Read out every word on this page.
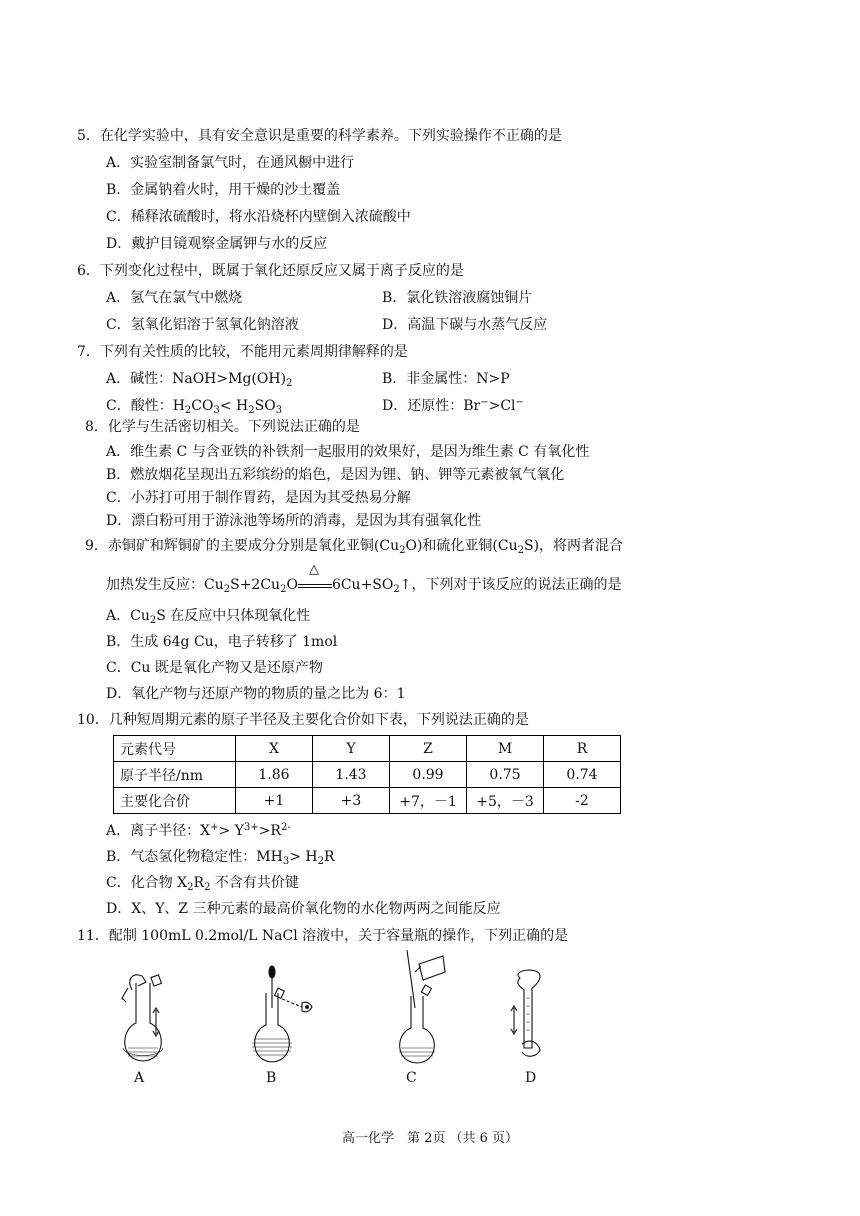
5．在化学实验中，具有安全意识是重要的科学素养。下列实验操作不正确的是
A．实验室制备氯气时，在通风橱中进行
B．金属钠着火时，用干燥的沙土覆盖
C．稀释浓硫酸时，将水沿烧杯内壁倒入浓硫酸中
D．戴护目镜观察金属钾与水的反应
6．下列变化过程中，既属于氧化还原反应又属于离子反应的是
A．氢气在氯气中燃烧	B．氯化铁溶液腐蚀铜片
C．氢氧化铝溶于氢氧化钠溶液	D．高温下碳与水蒸气反应
7．下列有关性质的比较，不能用元素周期律解释的是
A．碱性：$NaOH>Mg(OH)_2$	B．非金属性：N>P
C．酸性：$H_2CO_3< H_2SO_3$	D．还原性：Br−>Cl−
8．化学与生活密切相关。下列说法正确的是
A．维生素 C 与含亚铁的补铁剂一起服用的效果好，是因为维生素 C 有氧化性
B．燃放烟花呈现出五彩缤纷的焰色，是因为锂、钠、钾等元素被氧气氧化
C．小苏打可用于制作胃药，是因为其受热易分解
D．漂白粉可用于游泳池等场所的消毒，是因为其有强氧化性
9．赤铜矿和辉铜矿的主要成分分别是氧化亚铜$(Cu_2O)$和硫化亚铜$(Cu_2S)$，将两者混合
加热发生反应：$Cu_2S+2Cu_2O$
△
$6Cu+SO_2↑$，下列对于该反应的说法正确的是
A．$Cu_2S$ 在反应中只体现氧化性
B．生成 64g Cu，电子转移了 1mol
C．Cu 既是氧化产物又是还原产物
D．氧化产物与还原产物的物质的量之比为 6：1
10．几种短周期元素的原子半径及主要化合价如下表，下列说法正确的是
元素代号	X	Y	Z	M	R
原子半径/nm	1.86	1.43	0.99	0.75	0.74
主要化合价	+1	+3	+7，－1	+5，－3	-2
A．离子半径：$X^+> Y^{3+}>R^{2-}$
B．气态氢化物稳定性：$MH_3> H_2R$
C．化合物 $X_2R_2$ 不含有共价键
D．X、Y、Z 三种元素的最高价氧化物的水化物两两之间能反应
11．配制 100mL 0.2mol/L NaCl 溶液中，关于容量瓶的操作，下列正确的是
A	B	C	D
高一化学　第 2页 （共 6 页）
